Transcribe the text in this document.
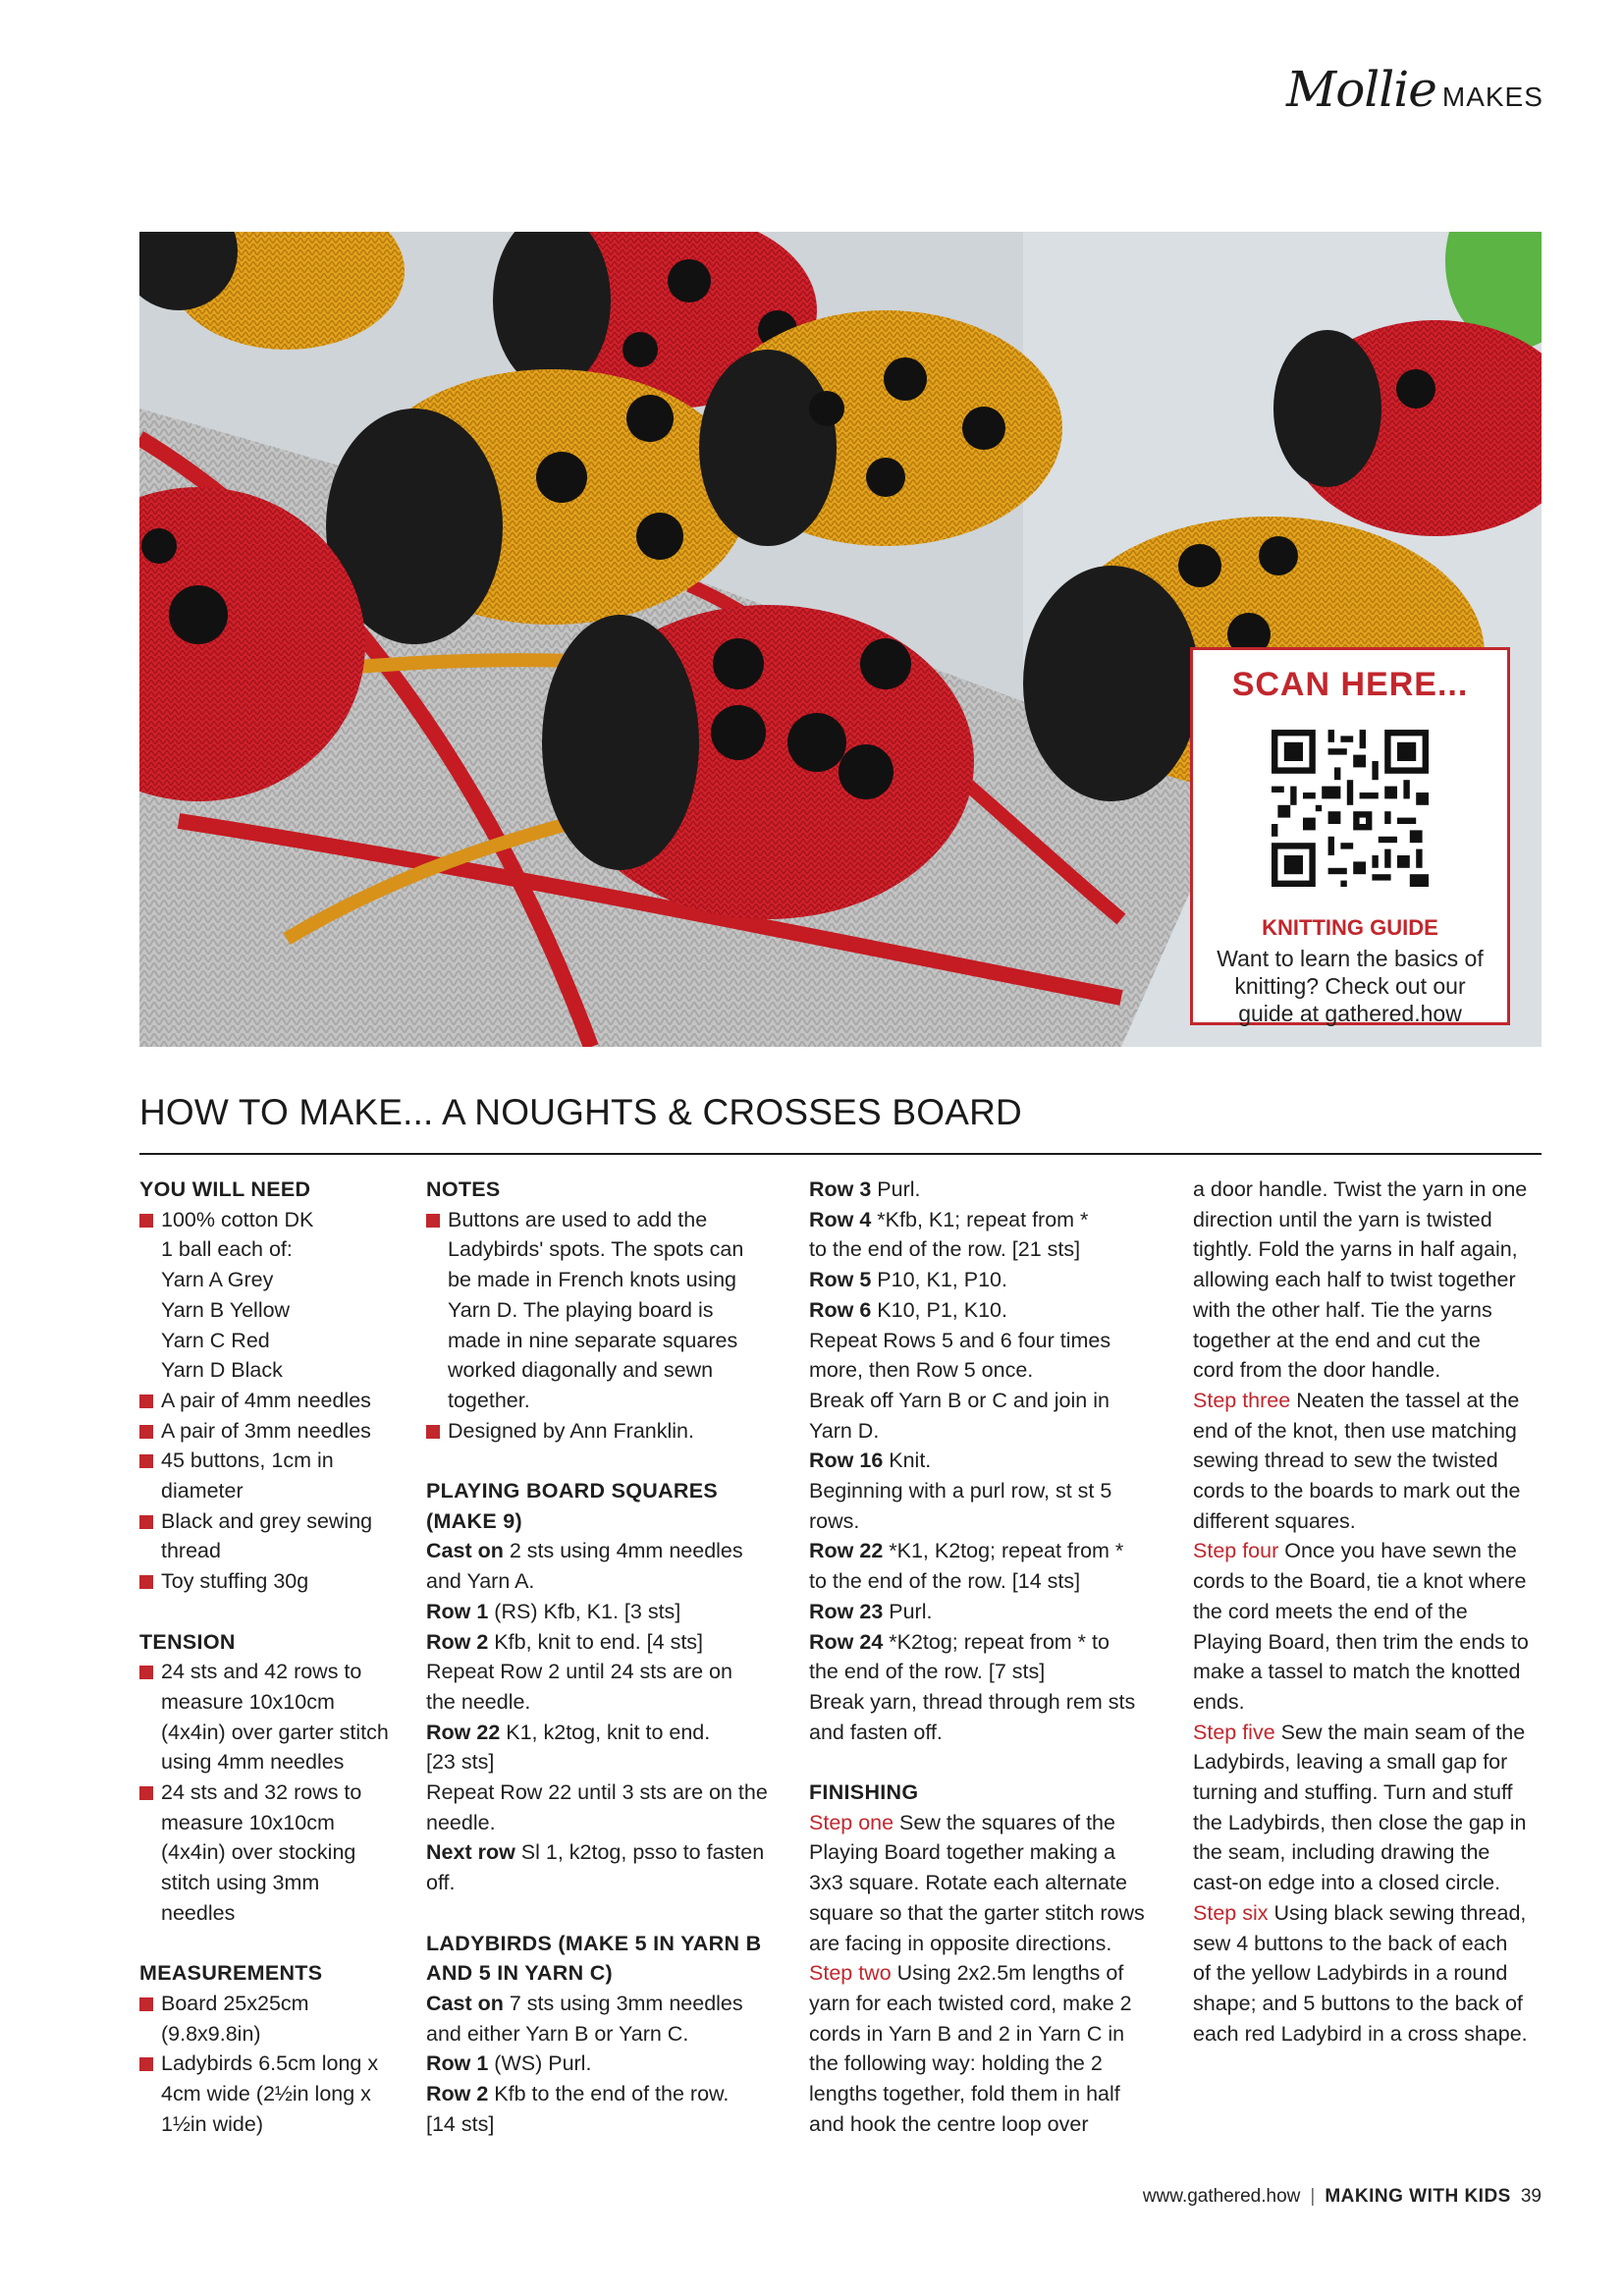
Mollie MAKES
SCAN HERE...
KNITTING GUIDE
Want to learn the basics of knitting? Check out our guide at gathered.how
HOW TO MAKE... A NOUGHTS & CROSSES BOARD

YOU WILL NEED

100% cotton DK

1 ball each of:

Yarn A Grey

Yarn B Yellow

Yarn C Red

Yarn D Black

A pair of 4mm needles

A pair of 3mm needles

45 buttons, 1cm in

diameter

Black and grey sewing

thread

Toy stuffing 30g

TENSION

24 sts and 42 rows to

measure 10x10cm

(4x4in) over garter stitch

using 4mm needles

24 sts and 32 rows to

measure 10x10cm

(4x4in) over stocking

stitch using 3mm

needles

MEASUREMENTS

Board 25x25cm

(9.8x9.8in)

Ladybirds 6.5cm long x

4cm wide (2½in long x

1½in wide)

NOTES

Buttons are used to add the

Ladybirds' spots. The spots can

be made in French knots using

Yarn D. The playing board is

made in nine separate squares

worked diagonally and sewn

together.

Designed by Ann Franklin.

PLAYING BOARD SQUARES

(MAKE 9)

Cast on 2 sts using 4mm needles

and Yarn A.

Row 1 (RS) Kfb, K1. [3 sts]

Row 2 Kfb, knit to end. [4 sts]

Repeat Row 2 until 24 sts are on

the needle.

Row 22 K1, k2tog, knit to end.

[23 sts]

Repeat Row 22 until 3 sts are on the

needle.

Next row Sl 1, k2tog, psso to fasten

off.

LADYBIRDS (MAKE 5 IN YARN B

AND 5 IN YARN C)

Cast on 7 sts using 3mm needles

and either Yarn B or Yarn C.

Row 1 (WS) Purl.

Row 2 Kfb to the end of the row.

[14 sts]

Row 3 Purl.

Row 4 *Kfb, K1; repeat from *

to the end of the row. [21 sts]

Row 5 P10, K1, P10.

Row 6 K10, P1, K10.

Repeat Rows 5 and 6 four times

more, then Row 5 once.

Break off Yarn B or C and join in

Yarn D.

Row 16 Knit.

Beginning with a purl row, st st 5

rows.

Row 22 *K1, K2tog; repeat from *

to the end of the row. [14 sts]

Row 23 Purl.

Row 24 *K2tog; repeat from * to

the end of the row. [7 sts]

Break yarn, thread through rem sts

and fasten off.

FINISHING

Step one Sew the squares of the

Playing Board together making a

3x3 square. Rotate each alternate

square so that the garter stitch rows

are facing in opposite directions.

Step two Using 2x2.5m lengths of

yarn for each twisted cord, make 2

cords in Yarn B and 2 in Yarn C in

the following way: holding the 2

lengths together, fold them in half

and hook the centre loop over

a door handle. Twist the yarn in one

direction until the yarn is twisted

tightly. Fold the yarns in half again,

allowing each half to twist together

with the other half. Tie the yarns

together at the end and cut the

cord from the door handle.

Step three Neaten the tassel at the

end of the knot, then use matching

sewing thread to sew the twisted

cords to the boards to mark out the

different squares.

Step four Once you have sewn the

cords to the Board, tie a knot where

the cord meets the end of the

Playing Board, then trim the ends to

make a tassel to match the knotted

ends.

Step five Sew the main seam of the

Ladybirds, leaving a small gap for

turning and stuffing. Turn and stuff

the Ladybirds, then close the gap in

the seam, including drawing the

cast-on edge into a closed circle.

Step six Using black sewing thread,

sew 4 buttons to the back of each

of the yellow Ladybirds in a round

shape; and 5 buttons to the back of

each red Ladybird in a cross shape.

www.gathered.how | MAKING WITH KIDS 39
